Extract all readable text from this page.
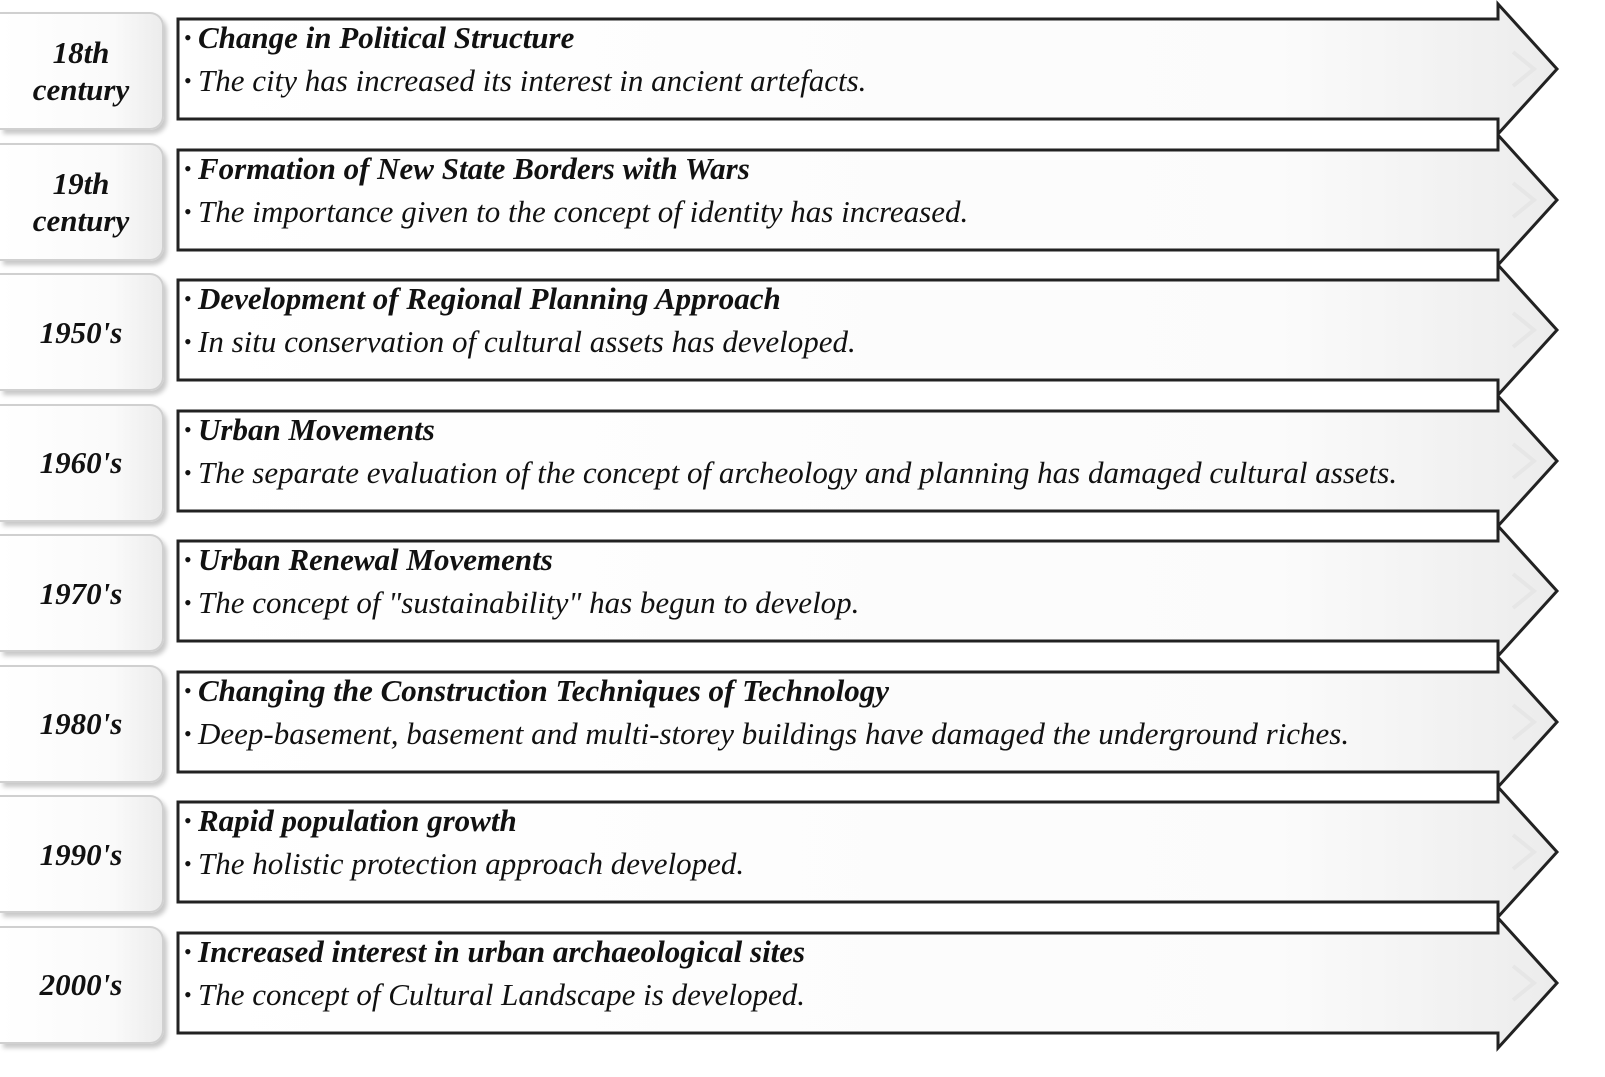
18th
century
• Change in Political Structure
• The city has increased its interest in ancient artefacts.
19th
century
• Formation of New State Borders with Wars
• The importance given to the concept of identity has increased.
1950's
• Development of Regional Planning Approach
• In situ conservation of cultural assets has developed.
1960's
• Urban Movements
• The separate evaluation of the concept of archeology and planning has damaged cultural assets.
1970's
• Urban Renewal Movements
• The concept of "sustainability" has begun to develop.
1980's
• Changing the Construction Techniques of Technology
• Deep-basement, basement and multi-storey buildings have damaged the underground riches.
1990's
• Rapid population growth
• The holistic protection approach developed.
2000's
• Increased interest in urban archaeological sites
• The concept of Cultural Landscape is developed.
